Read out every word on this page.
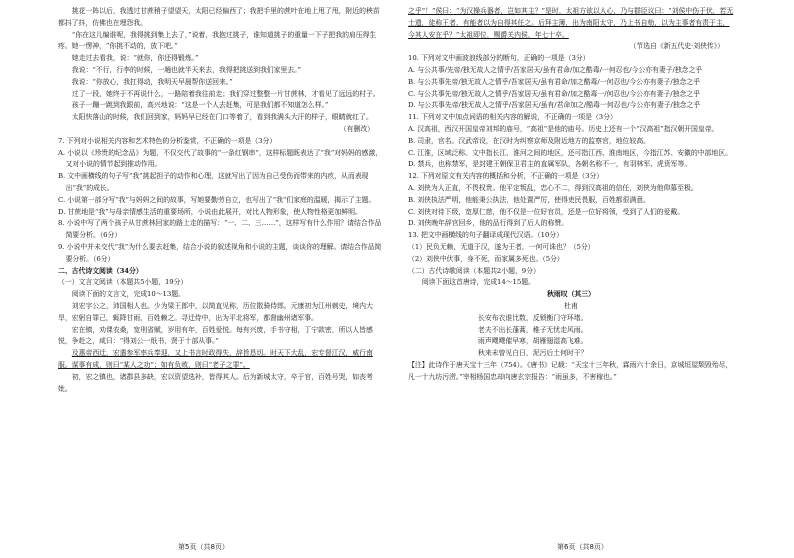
挑花一阵以后，我透过甘蔗稍子望望天，太阳已经偏西了；我把手里的蔗叶在地上甩了甩，附近的秧苗都抖了抖，仿佛也在埋怨我。

“你在这儿编谁呢，我得挑到集上去了，”说着，我抱过挑子，谁知道挑子的重量一下子把我的肩压得生疼。她一愣神，“你挑不动的，放下吧。”

她走过去看我，说：“就你，你还得锻炼。”

我说：“不行，行李的时候，一趟也就半天来去，我得把挑送到我们家里去。”

我说：“你放心，我扛得动，我明天早晨帮你送回来。”

过了一段，她终于不再说什么，一路陪着我往前走；我们穿过整整一片甘蔗林，才看见了远远的村子。

孩子一蹦一跳到我跟前，高兴地说：“这是一个人去赶集，可是我们都不知道怎么样。”

太阳快落山的时候，我们回到家，妈妈早已经在门口等着了，看到我满头大汗的样子，眼睛就红了。

（有删改）

7. 下列对小说相关内容和艺术特色的分析鉴赏，不正确的一项是（3分）

A. 小说以《珍贵的纪念品》为题，不仅交代了故事的“一条红钢串”，这样标题既表达了“我”对妈妈的感激，又对小说的情节起到推动作用。

B. 文中画横线的句子写“我”挑起担子的动作和心理，这就写出了因为自己受伤而带来的内疚，从而表现出“我”的成长。

C. 小说第一部分写“我”与妈妈之间的故事，写她要勤劳自立，也写出了“我”们家庭的温暖，揭示了主题。

D. 甘蔗地是“我”与母亲情感生活的重要场所，小说由此展开，对比人物形象，使人物性格更加鲜明。

8. 小说中写了两个孩子从甘蔗林回家的路上走的描写：“一、二、三……”，这样写有什么作用？请结合作品简要分析。（6分）

9. 小说中并未交代“我”为什么要去赶集，结合小说的叙述视角和小说的主题，谈谈你的理解。请结合作品简要分析。（6分）

二、古代诗文阅读（34分）

（一）文言文阅读（本题共5小题，19分）

阅读下面的文言文，完成10～13题。

刘宏字公之，沛国相人也。少为梁王郎中，以简直见称，历位散骑侍郎。元康初为江州刺史，境内大旱，宏躬自罪己，辄降甘雨，百姓赖之。寻迁侍中，出为平北将军，都督幽州诸军事。

宏在镇，劝课农桑，宽刑省赋，岁用有年，百姓爱悦。每有兴废，手书守相，丁宁款密，所以人皆感悦，争赴之，咸曰：“得刘公一纸书，贤于十部从事。”

及惠帝西迁，宏遣参军率兵奉迎，又上书言时政得失，辞旨恳切。时天下大乱，宏专督江汉，威行南服。谋事有成，则曰“某人之功”；如有负败，则曰“老子之罪”。

初，宏之镇也，诸郡县多缺，宏以资望选补，皆得其人。后为新城太守，卒于官，百姓号哭，如丧考妣。

第5页（共8页）

之乎”！”侯曰：“为汉操兵器者，岂如其主？”是时，太祖方欲以人心，乃与群臣议曰：“刘侯中伤于伏，若无士遗，徒称王者、有能者以为自得其任之。后拜主簿，出为南阳太守，乃上书自劾，以为主事者有责于主，今其人安在乎？”太祖即位，赐爵关内侯，年七十卒。

（节选自《新五代史·刘侠传》）

10. 下列对文中画波浪线部分的断句，正确的一项是（3分）

A. 与公共事/先帝/独无故人之情乎/吾家居天/虽有君命/加之酷毒/一何忍也/今公亦有妻子/独念之乎

B. 与公共事先帝/独无故人之情乎/吾家居天/虽有君命/加之酷毒/一何忍也/今公亦有妻子/独念之乎

C. 与公共事先帝/独无故人之情乎/吾家居天/虽有君命/加之酷毒一/何忍也/今公亦有妻子/独念之乎

D. 与公共事先帝/独无故人之情乎/吾家居天/虽有/君命加之/酷毒一何忍也/今公亦有妻子/独念之乎

11. 下列对文中加点词语的相关内容的解说，不正确的一项是（3分）

A. 汉高祖，西汉开国皇帝刘邦的庙号，“高祖”是他的庙号。历史上还有一个“汉高祖”指汉朝开国皇帝。

B. 司隶，官名。汉武帝设，在汉时为纠察京师及附近地方的监察官，地位较高。

C. 江淮，区域泛称。文中指长江、淮河之间的地区，还可指江西、淮南地区，今指江苏、安徽的中部地区。

D. 禁兵，也称禁军，是封建王朝保卫君主的直属军队，各朝名称不一，有羽林军、虎贲军等。

12. 下列对原文有关内容的概括和分析，不正确的一项是（3分）

A. 刘侠为人正直，不畏权贵。他平定叛乱，忠心不二，得到汉高祖的信任，刘侠为他仰慕至极。

B. 刘侠执法严明，他能秉公执法，他处置严厉，使得吏民畏服，百姓都很满意。

C. 刘侠对待下级，宽厚仁慈，他不仅是一位好官员，还是一位好将领，受到了人们的爱戴。

D. 刘侠晚年辞官回乡，他的品行得到了后人的称赞。

13. 把文中画横线的句子翻译成现代汉语。（10分）

（1）民负无赖，无道于汉，遂为王者，一何可诛也？（5分）

（2）刘侠中伏事，身不死，而家属多死也。（5分）

（二）古代诗歌阅读（本题共2小题，9分）

阅读下面这首唐诗，完成14～15题。

秋雨叹（其三）

杜甫

长安布衣谁比数，反锁衡门守环堵。

老夫不出长蓬蒿，稚子无忧走风雨。

雨声飕飕催早寒，胡雁翅湿高飞难。

秋来未曾见白日，泥污后土何时干？

【注】此诗作于唐天宝十三年（754）。《唐书》记载：“天宝十三年秋，霖雨六十余日，京城垣屋颓毁殆尽，凡一十九坊污涝。”宰相杨国忠却向唐玄宗报告：“雨虽多，不害稼也。”

第6页（共8页）
